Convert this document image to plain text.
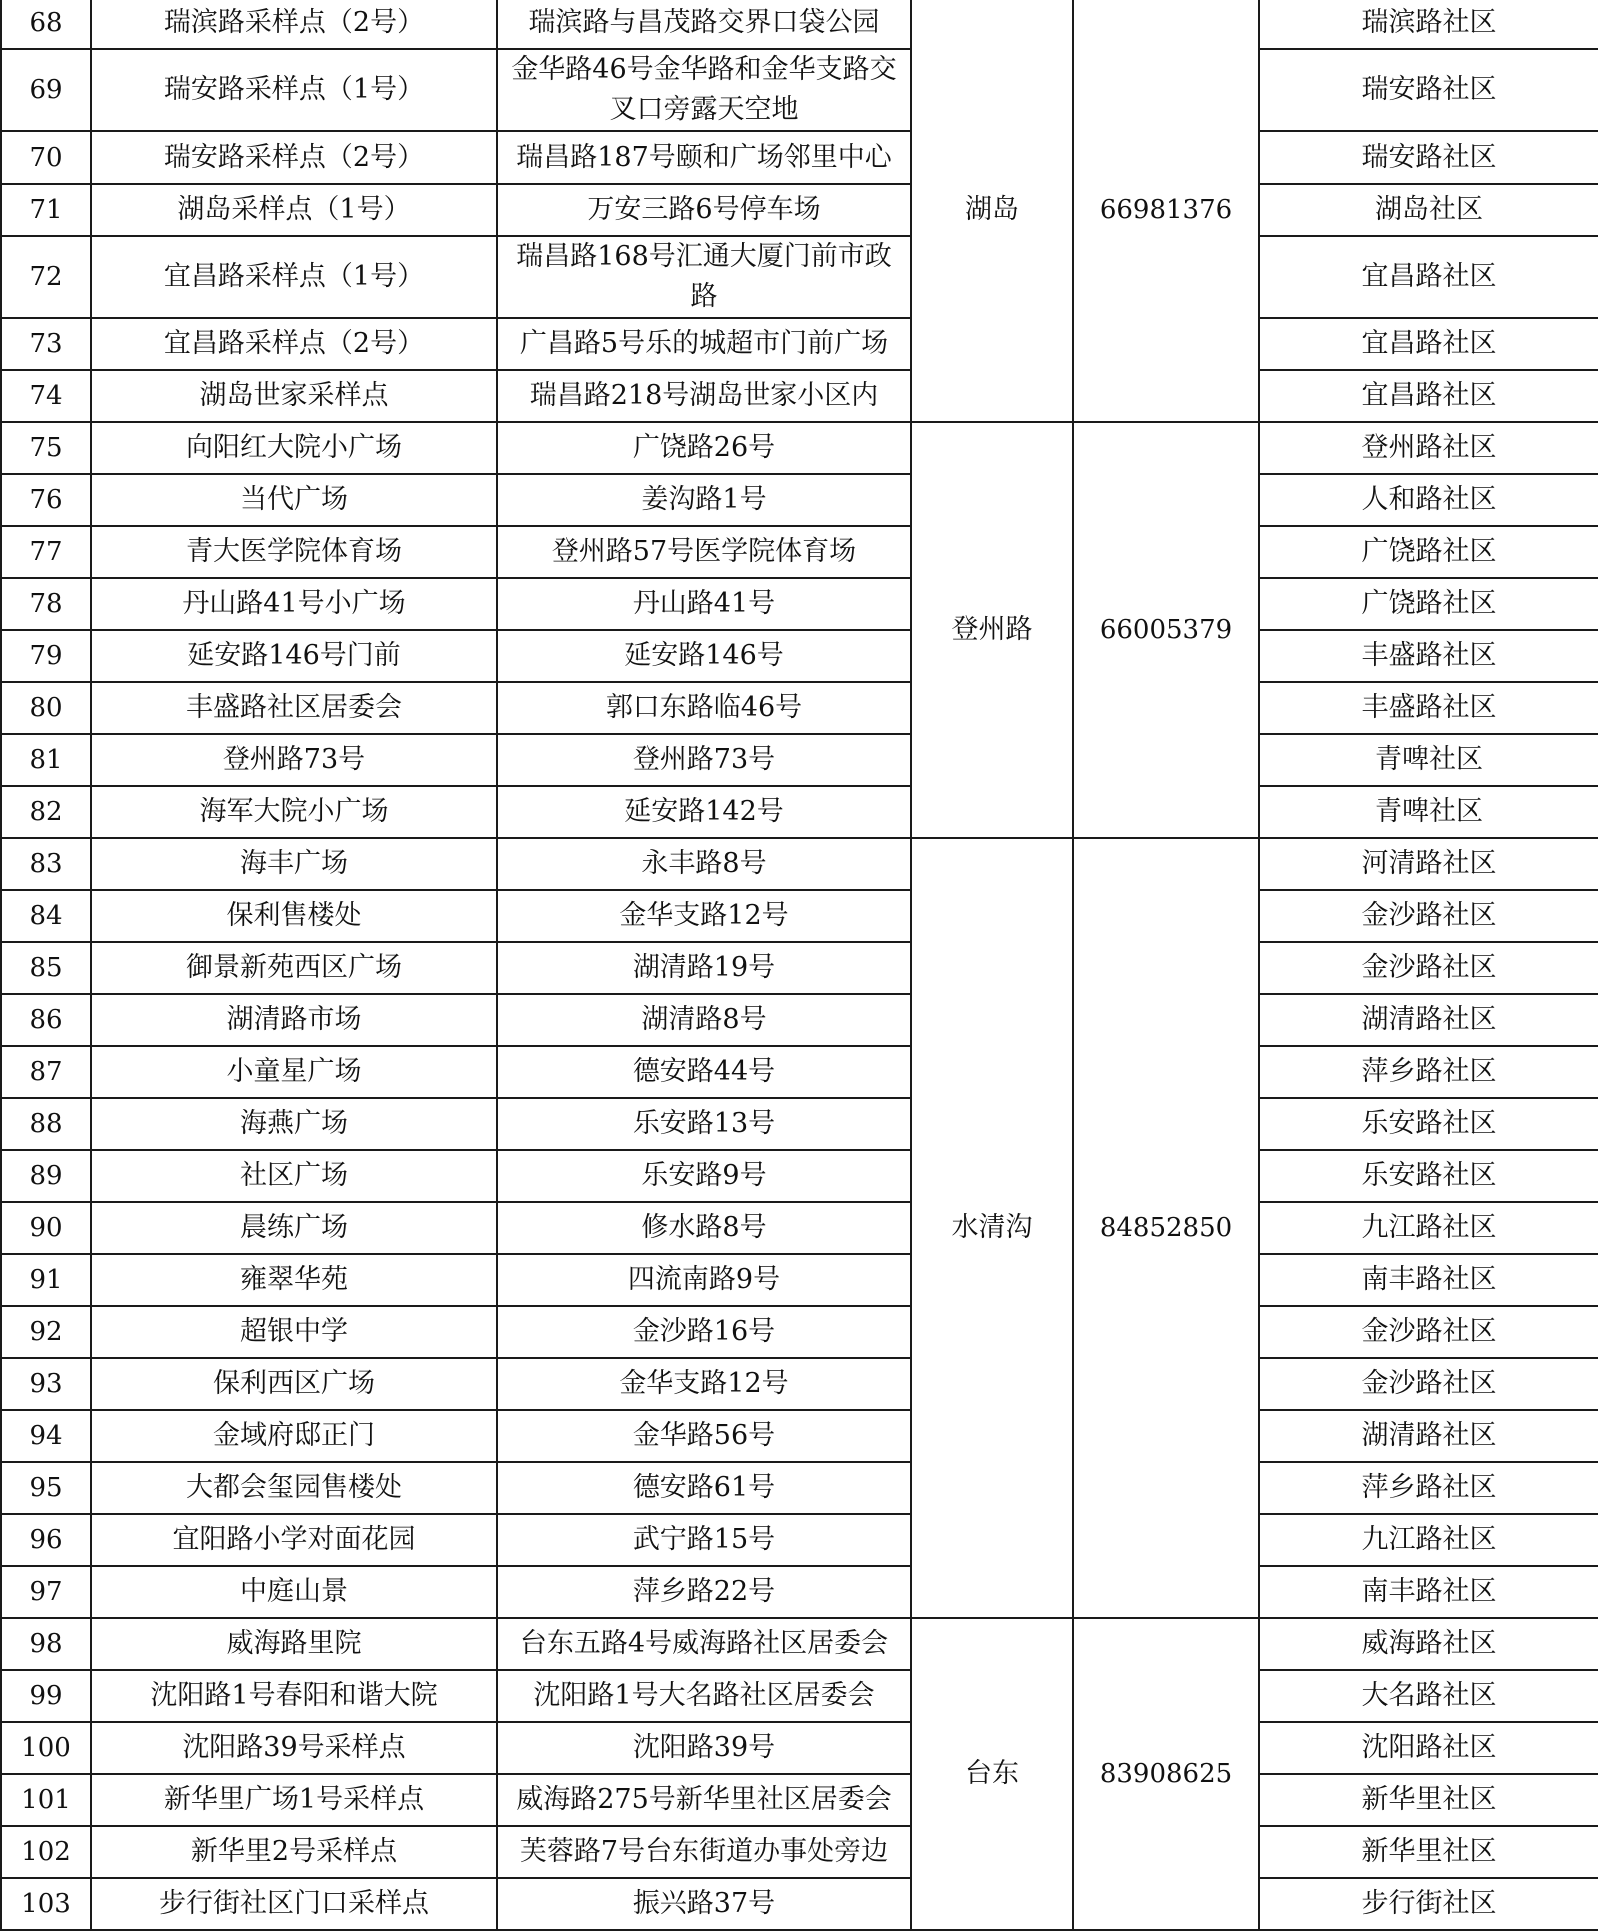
68	瑞滨路采样点（2号）	瑞滨路与昌茂路交界口袋公园	湖岛	66981376	瑞滨路社区
69	瑞安路采样点（1号）	金华路46号金华路和金华支路交叉口旁露天空地			瑞安路社区
70	瑞安路采样点（2号）	瑞昌路187号颐和广场邻里中心			瑞安路社区
71	湖岛采样点（1号）	万安三路6号停车场			湖岛社区
72	宜昌路采样点（1号）	瑞昌路168号汇通大厦门前市政路			宜昌路社区
73	宜昌路采样点（2号）	广昌路5号乐的城超市门前广场			宜昌路社区
74	湖岛世家采样点	瑞昌路218号湖岛世家小区内			宜昌路社区
75	向阳红大院小广场	广饶路26号	登州路	66005379	登州路社区
76	当代广场	姜沟路1号			人和路社区
77	青大医学院体育场	登州路57号医学院体育场			广饶路社区
78	丹山路41号小广场	丹山路41号			广饶路社区
79	延安路146号门前	延安路146号			丰盛路社区
80	丰盛路社区居委会	郭口东路临46号			丰盛路社区
81	登州路73号	登州路73号			青啤社区
82	海军大院小广场	延安路142号			青啤社区
83	海丰广场	永丰路8号	水清沟	84852850	河清路社区
84	保利售楼处	金华支路12号			金沙路社区
85	御景新苑西区广场	湖清路19号			金沙路社区
86	湖清路市场	湖清路8号			湖清路社区
87	小童星广场	德安路44号			萍乡路社区
88	海燕广场	乐安路13号			乐安路社区
89	社区广场	乐安路9号			乐安路社区
90	晨练广场	修水路8号			九江路社区
91	雍翠华苑	四流南路9号			南丰路社区
92	超银中学	金沙路16号			金沙路社区
93	保利西区广场	金华支路12号			金沙路社区
94	金域府邸正门	金华路56号			湖清路社区
95	大都会玺园售楼处	德安路61号			萍乡路社区
96	宜阳路小学对面花园	武宁路15号			九江路社区
97	中庭山景	萍乡路22号			南丰路社区
98	威海路里院	台东五路4号威海路社区居委会	台东	83908625	威海路社区
99	沈阳路1号春阳和谐大院	沈阳路1号大名路社区居委会			大名路社区
100	沈阳路39号采样点	沈阳路39号			沈阳路社区
101	新华里广场1号采样点	威海路275号新华里社区居委会			新华里社区
102	新华里2号采样点	芙蓉路7号台东街道办事处旁边			新华里社区
103	步行街社区门口采样点	振兴路37号			步行街社区
